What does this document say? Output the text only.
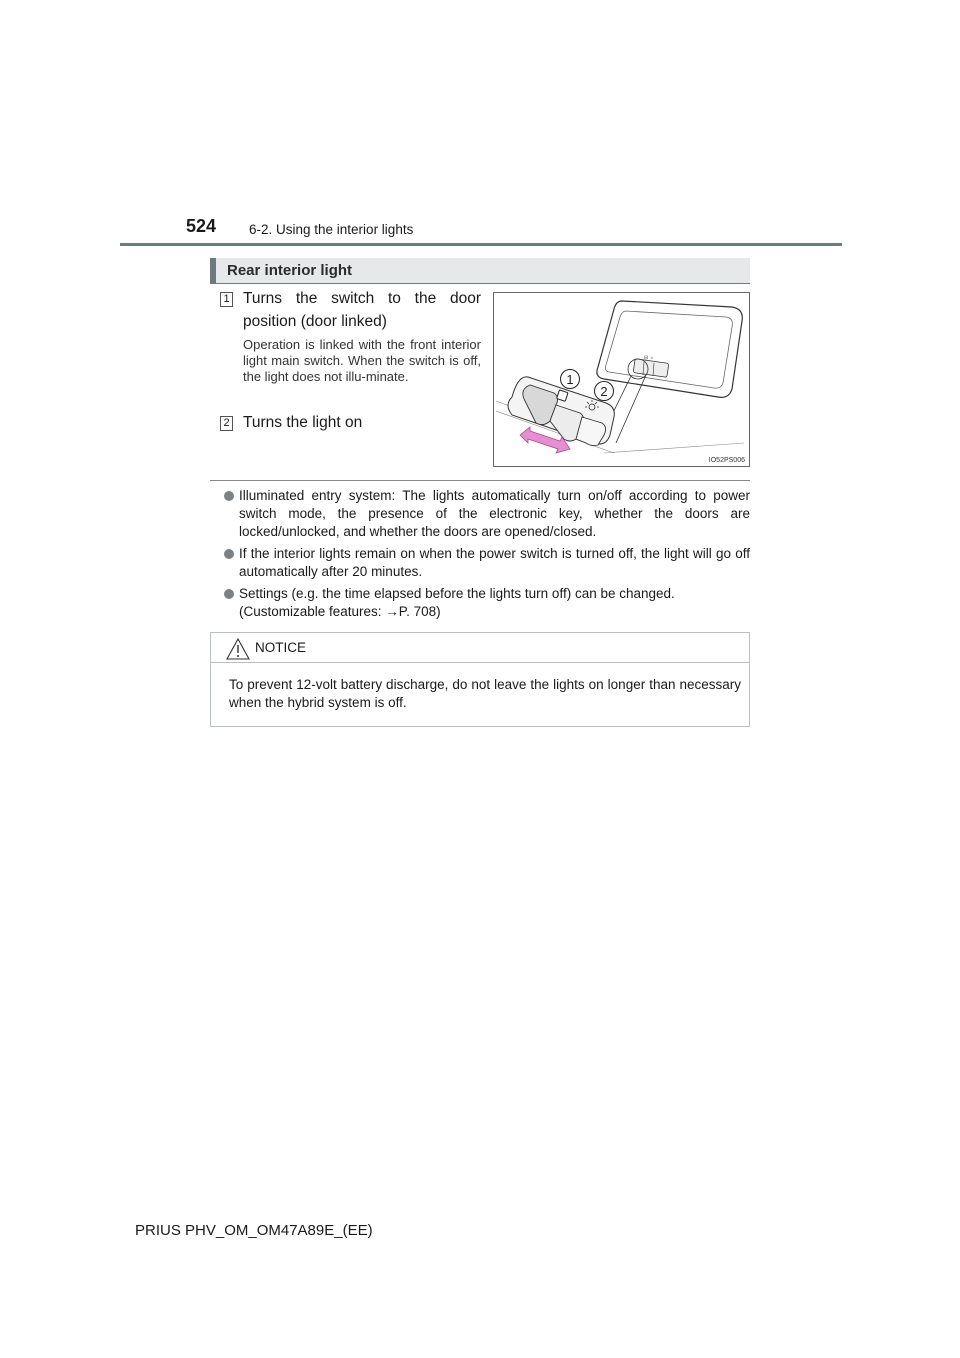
524 6-2. Using the interior lights
Rear interior light
1 Turns the switch to the door position (door linked)
Operation is linked with the front interior light main switch. When the switch is off, the light does not illu-minate.
2 Turns the light on
⊟ ☼
1
2
IO52PS006
Illuminated entry system: The lights automatically turn on/off according to power switch mode, the presence of the electronic key, whether the doors are locked/unlocked, and whether the doors are opened/closed.
If the interior lights remain on when the power switch is turned off, the light will go off automatically after 20 minutes.
Settings (e.g. the time elapsed before the lights turn off) can be changed. (Customizable features: →P. 708)
NOTICE
To prevent 12-volt battery discharge, do not leave the lights on longer than necessary when the hybrid system is off.
PRIUS PHV_OM_OM47A89E_(EE)
